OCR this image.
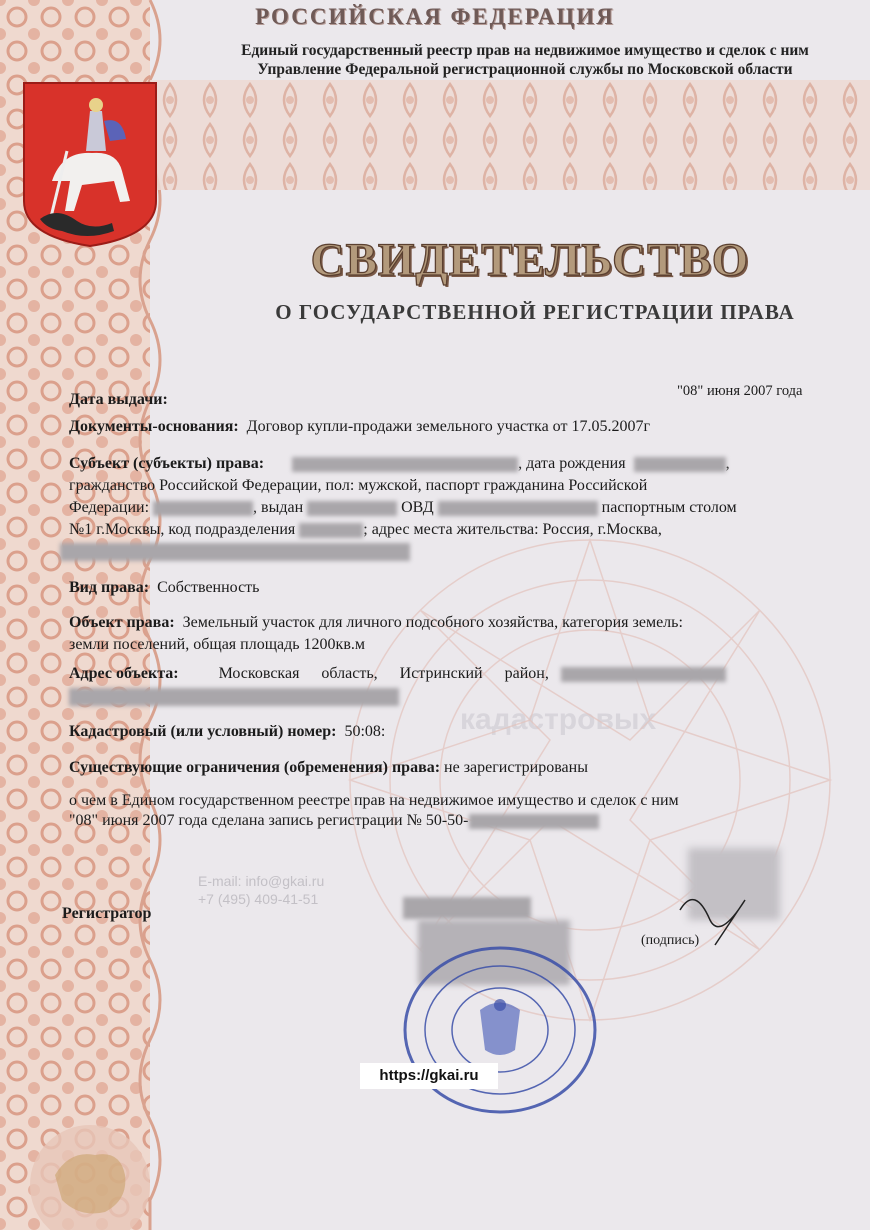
РОССИЙСКАЯ ФЕДЕРАЦИЯ
Единый государственный реестр прав на недвижимое имущество и сделок с ним
Управление Федеральной регистрационной службы по Московской области
СВИДЕТЕЛЬСТВО
О ГОСУДАРСТВЕННОЙ РЕГИСТРАЦИИ ПРАВА
кадастровых
Дата выдачи:	"08" июня 2007 года
Документы-основания: Договор купли-продажи земельного участка от 17.05.2007г
Субъект (субъекты) права:	, дата рождения	,
гражданство Российской Федерации, пол: мужской, паспорт гражданина Российской
Федерации:	, выдан	ОВД	паспортным столом
№1 г.Москвы, код подразделения	; адрес места жительства: Россия, г.Москва,
Вид права: Собственность
Объект права: Земельный участок для личного подсобного хозяйства, категория земель:
земли поселений, общая площадь 1200кв.м
Адрес объекта:	Московская область, Истринский район,
Кадастровый (или условный) номер: 50:08:
Существующие ограничения (обременения) права: не зарегистрированы
о чем в Едином государственном реестре прав на недвижимое имущество и сделок с ним
"08" июня 2007 года сделана запись регистрации № 50-50-
E-mail: info@gkai.ru
+7 (495) 409-41-51
Регистратор
(подпись)
https://gkai.ru
